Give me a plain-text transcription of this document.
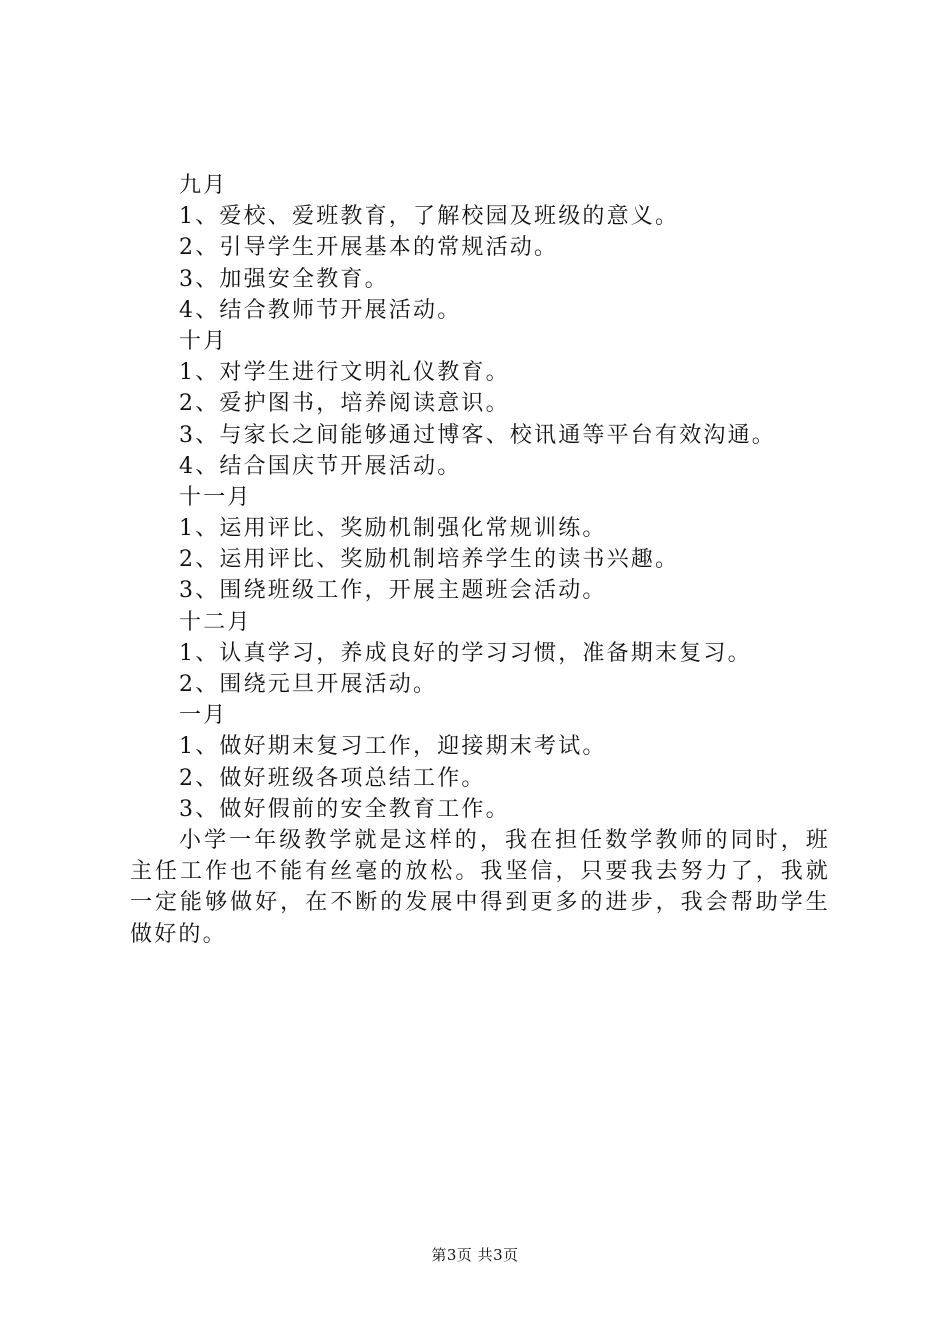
九月
1、爱校、爱班教育，了解校园及班级的意义。
2、引导学生开展基本的常规活动。
3、加强安全教育。
4、结合教师节开展活动。
十月
1、对学生进行文明礼仪教育。
2、爱护图书，培养阅读意识。
3、与家长之间能够通过博客、校讯通等平台有效沟通。
4、结合国庆节开展活动。
十一月
1、运用评比、奖励机制强化常规训练。
2、运用评比、奖励机制培养学生的读书兴趣。
3、围绕班级工作，开展主题班会活动。
十二月
1、认真学习，养成良好的学习习惯，准备期末复习。
2、围绕元旦开展活动。
一月
1、做好期末复习工作，迎接期末考试。
2、做好班级各项总结工作。
3、做好假前的安全教育工作。

小学一年级教学就是这样的，我在担任数学教师的同时，班主任工作也不能有丝毫的放松。我坚信，只要我去努力了，我就一定能够做好，在不断的发展中得到更多的进步，我会帮助学生做好的。

第3页 共3页
